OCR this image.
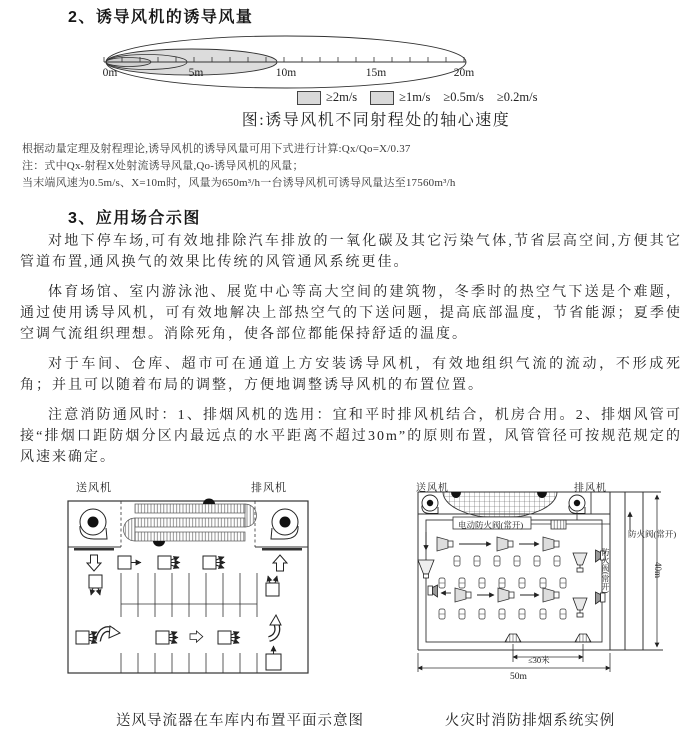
2、诱导风机的诱导风量
0m	5m	10m	15m	20m
≥2m/s	≥1m/s ≥0.5m/s ≥0.2m/s
图:诱导风机不同射程处的轴心速度
根据动量定理及射程理论,诱导风机的诱导风量可用下式进行计算:Qx/Qo=X/0.37
注：式中Qx-射程X处射流诱导风量,Qo-诱导风机的风量；
当末端风速为0.5m/s、X=10m时，风量为650m³/h一台诱导风机可诱导风量达至17560m³/h
3、应用场合示图

对地下停车场,可有效地排除汽车排放的一氧化碳及其它污染气体,节省层高空间,方便其它管道布置,通风换气的效果比传统的风管通风系统更佳。

体育场馆、室内游泳池、展览中心等高大空间的建筑物，冬季时的热空气下送是个难题，通过使用诱导风机，可有效地解决上部热空气的下送问题，提高底部温度，节省能源；夏季使空调气流组织理想。消除死角，使各部位都能保持舒适的温度。

对于车间、仓库、超市可在通道上方安装诱导风机，有效地组织气流的流动，不形成死角；并且可以随着布局的调整，方便地调整诱导风机的布置位置。

注意消防通风时：1、排烟风机的选用：宜和平时排风机结合，机房合用。2、排烟风管可接“排烟口距防烟分区内最远点的水平距离不超过30m”的原则布置，风管管径可按规范规定的风速来确定。

送风机	排风机	送风机	排风机
电动防火阀(常开)
防火阀(常开)
防火阀(常开)
≤30米
50m
40m
送风导流器在车库内布置平面示意图	火灾时消防排烟系统实例
